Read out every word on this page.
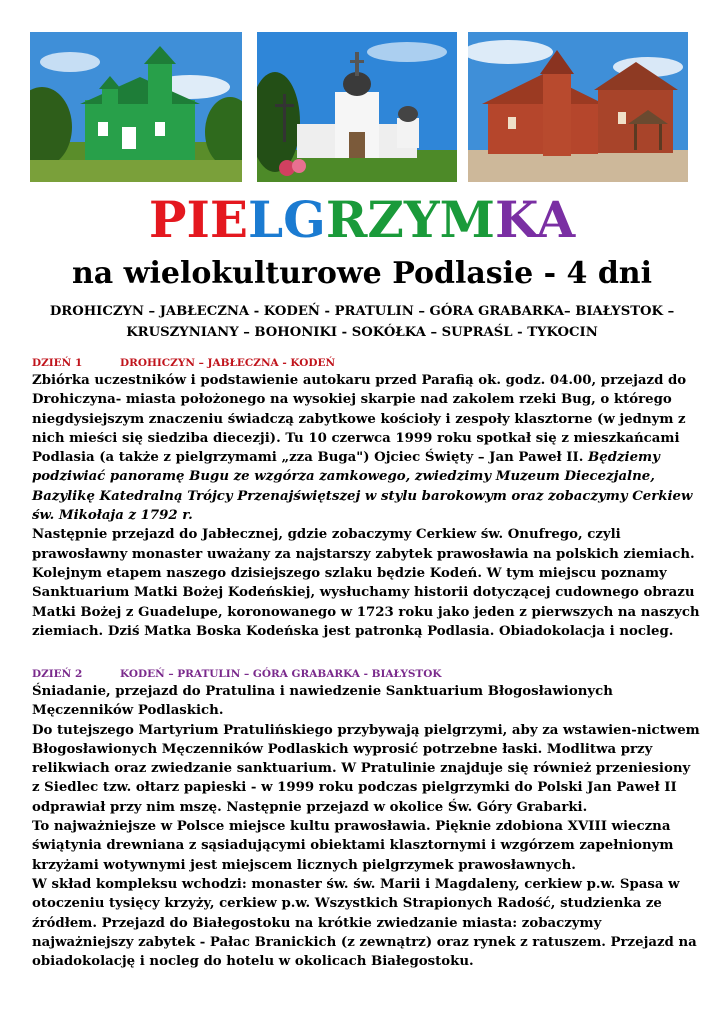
PIELGRZYMKA
na wielokulturowe Podlasie - 4 dni
DROHICZYN – JABŁECZNA - KODEŃ - PRATULIN – GÓRA GRABARKA– BIAŁYSTOK –
KRUSZYNIANY – BOHONIKI - SOKÓŁKA – SUPRAŚL - TYKOCIN
DZIEŃ 1	DROHICZYN – JABŁECZNA - KODEŃ

Zbiórka uczestników i podstawienie autokaru przed Parafią ok. godz. 04.00, przejazd do Drohiczyna- miasta położonego na wysokiej skarpie nad zakolem rzeki Bug, o którego niegdysiejszym znaczeniu świadczą zabytkowe kościoły i zespoły klasztorne (w jednym z nich mieści się siedziba diecezji). Tu 10 czerwca 1999 roku spotkał się z mieszkańcami Podlasia (a także z pielgrzymami „zza Buga") Ojciec Święty – Jan Paweł II. Będziemy podziwiać panoramę Bugu ze wzgórza zamkowego, zwiedzimy Muzeum Diecezjalne, Bazylikę Katedralną Trójcy Przenajświętszej w stylu barokowym oraz zobaczymy Cerkiew św. Mikołaja z 1792 r.

Następnie przejazd do Jabłecznej, gdzie zobaczymy Cerkiew św. Onufrego, czyli prawosławny monaster uważany za najstarszy zabytek prawosławia na polskich ziemiach. Kolejnym etapem naszego dzisiejszego szlaku będzie Kodeń. W tym miejscu poznamy Sanktuarium Matki Bożej Kodeńskiej, wysłuchamy historii dotyczącej cudownego obrazu Matki Bożej z Guadelupe, koronowanego w 1723 roku jako jeden z pierwszych na naszych ziemiach. Dziś Matka Boska Kodeńska jest patronką Podlasia. Obiadokolacja i nocleg.

DZIEŃ 2	KODEŃ – PRATULIN – GÓRA GRABARKA - BIAŁYSTOK

Śniadanie, przejazd do Pratulina i nawiedzenie Sanktuarium Błogosławionych Męczenników Podlaskich.

Do tutejszego Martyrium Pratulińskiego przybywają pielgrzymi, aby za wstawien-nictwem Błogosławionych Męczenników Podlaskich wyprosić potrzebne łaski. Modlitwa przy relikwiach oraz zwiedzanie sanktuarium. W Pratulinie znajduje się również przeniesiony z Siedlec tzw. ołtarz papieski - w 1999 roku podczas pielgrzymki do Polski Jan Paweł II odprawiał przy nim mszę. Następnie przejazd w okolice Św. Góry Grabarki.

To najważniejsze w Polsce miejsce kultu prawosławia. Pięknie zdobiona XVIII wieczna świątynia drewniana z sąsiadującymi obiektami klasztornymi i wzgórzem zapełnionym krzyżami wotywnymi jest miejscem licznych pielgrzymek prawosławnych.

W skład kompleksu wchodzi: monaster św. św. Marii i Magdaleny, cerkiew p.w. Spasa w otoczeniu tysięcy krzyży, cerkiew p.w. Wszystkich Strapionych Radość, studzienka ze źródłem. Przejazd do Białegostoku na krótkie zwiedzanie miasta: zobaczymy najważniejszy zabytek - Pałac Branickich (z zewnątrz) oraz rynek z ratuszem. Przejazd na obiadokolację i nocleg do hotelu w okolicach Białegostoku.
